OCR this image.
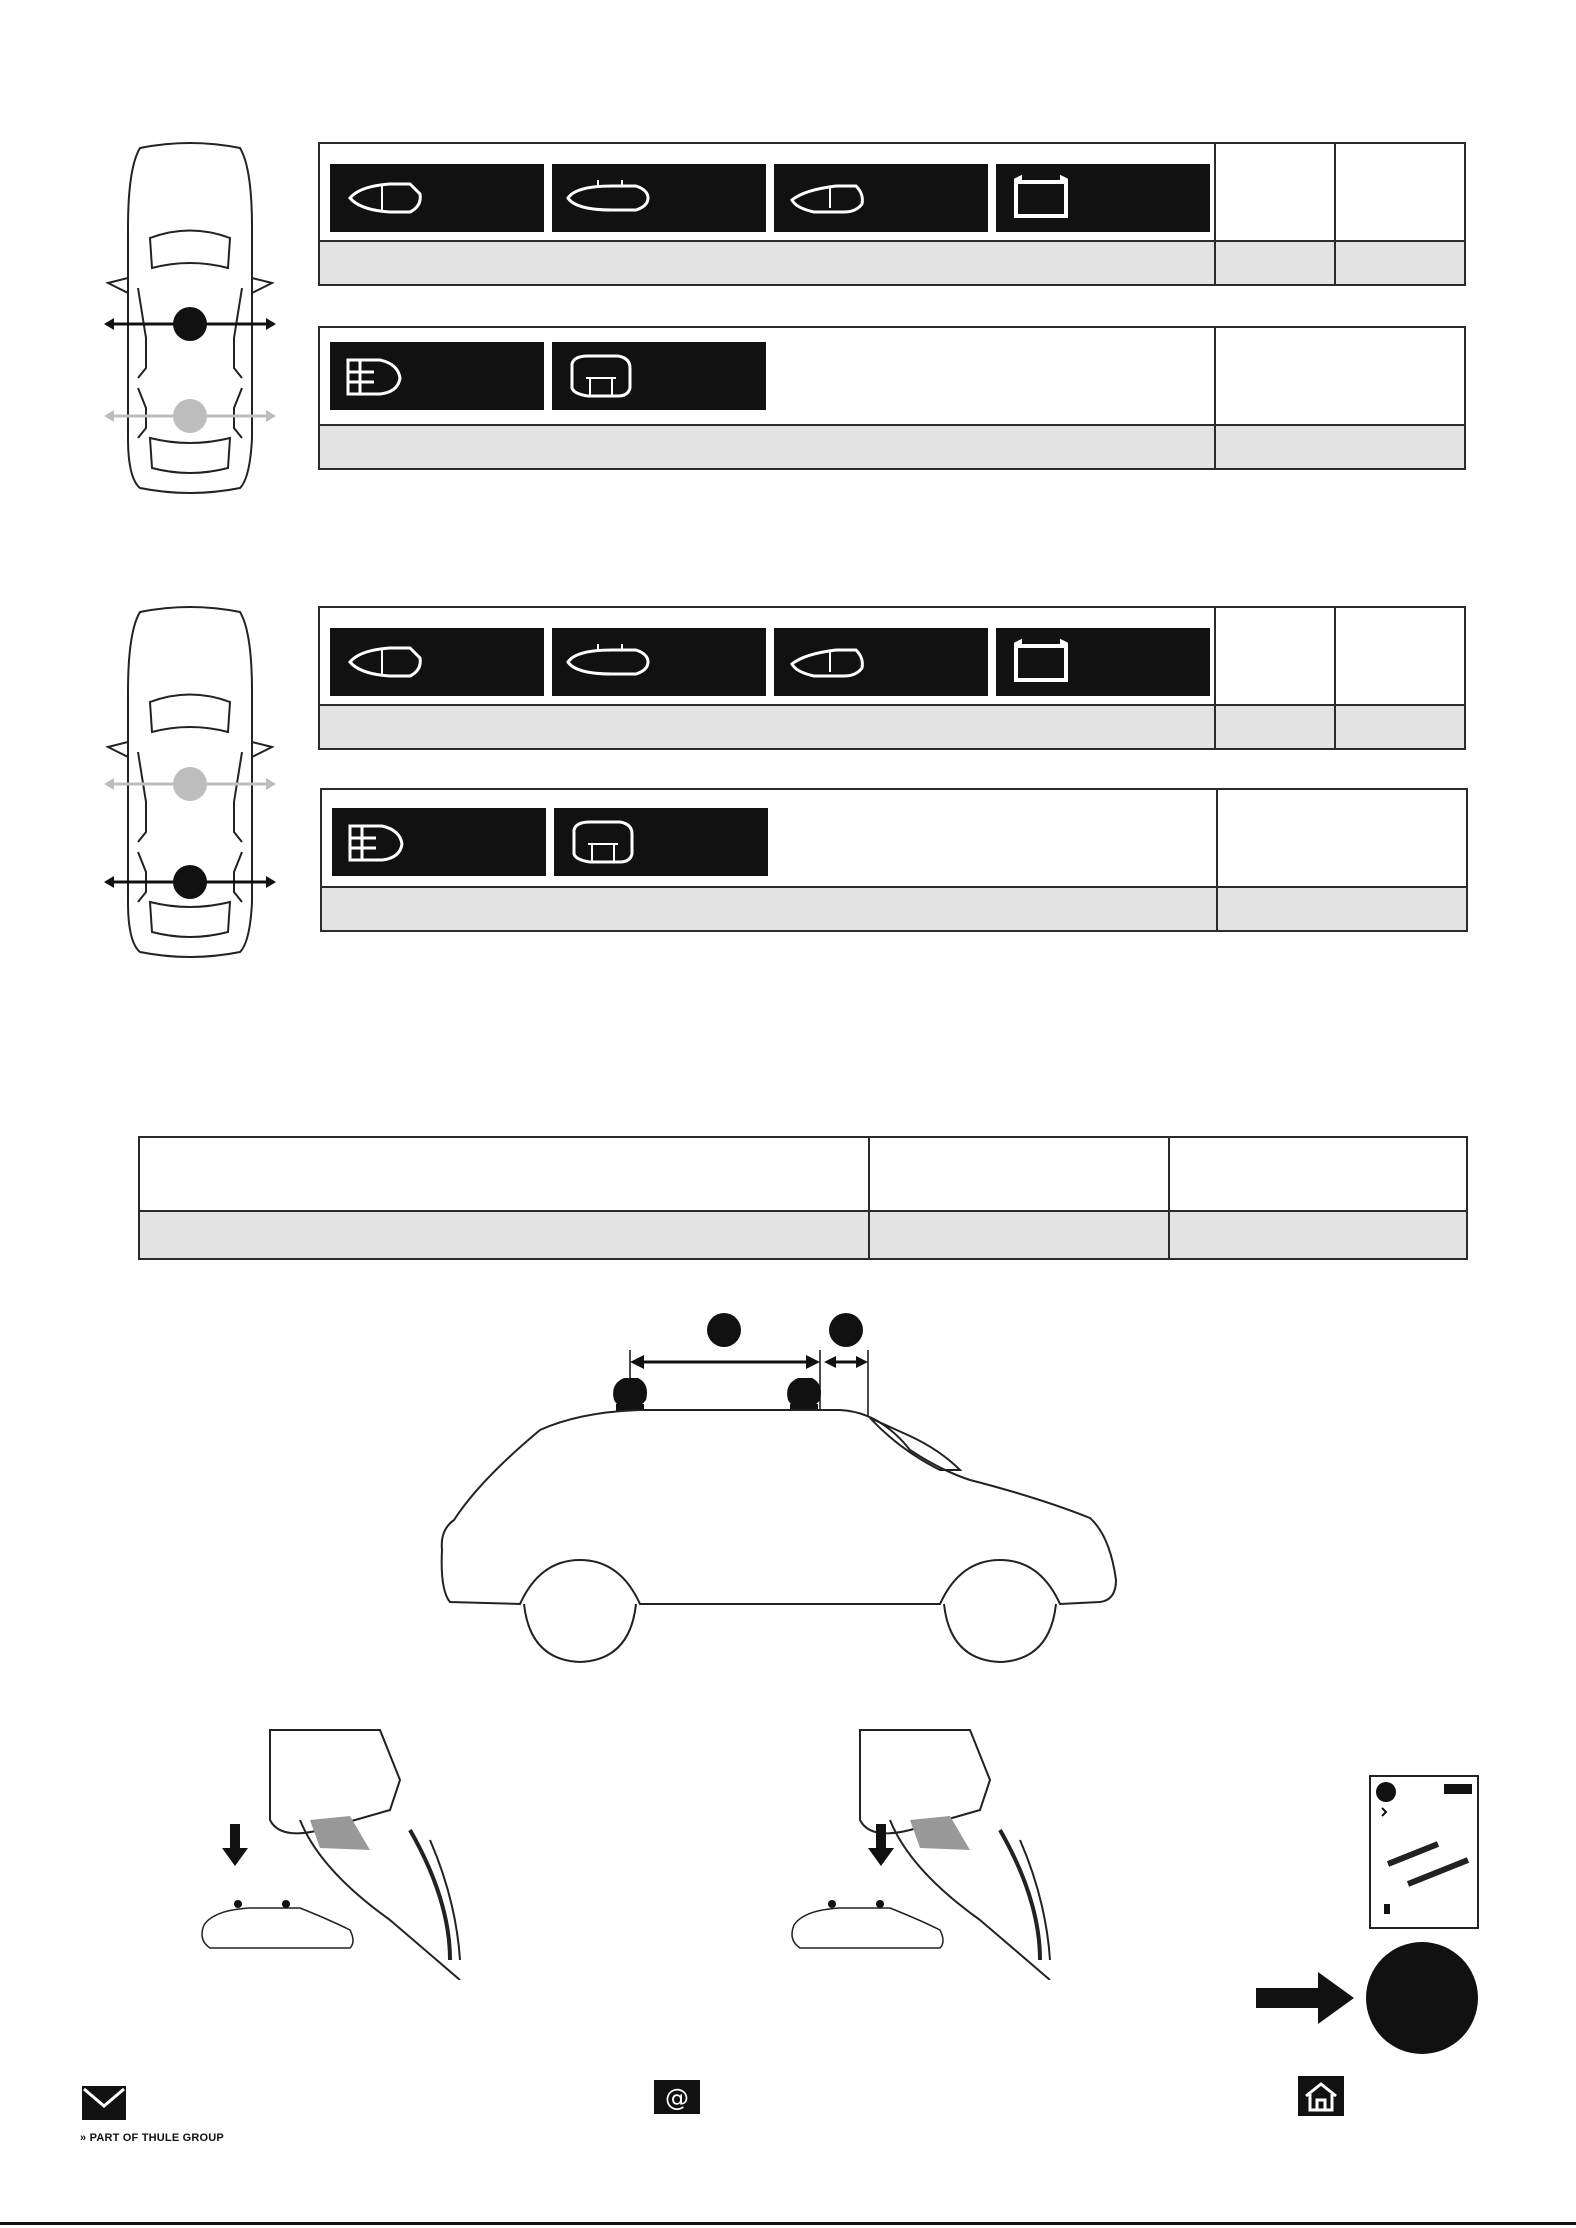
» PART OF THULE GROUP
@
